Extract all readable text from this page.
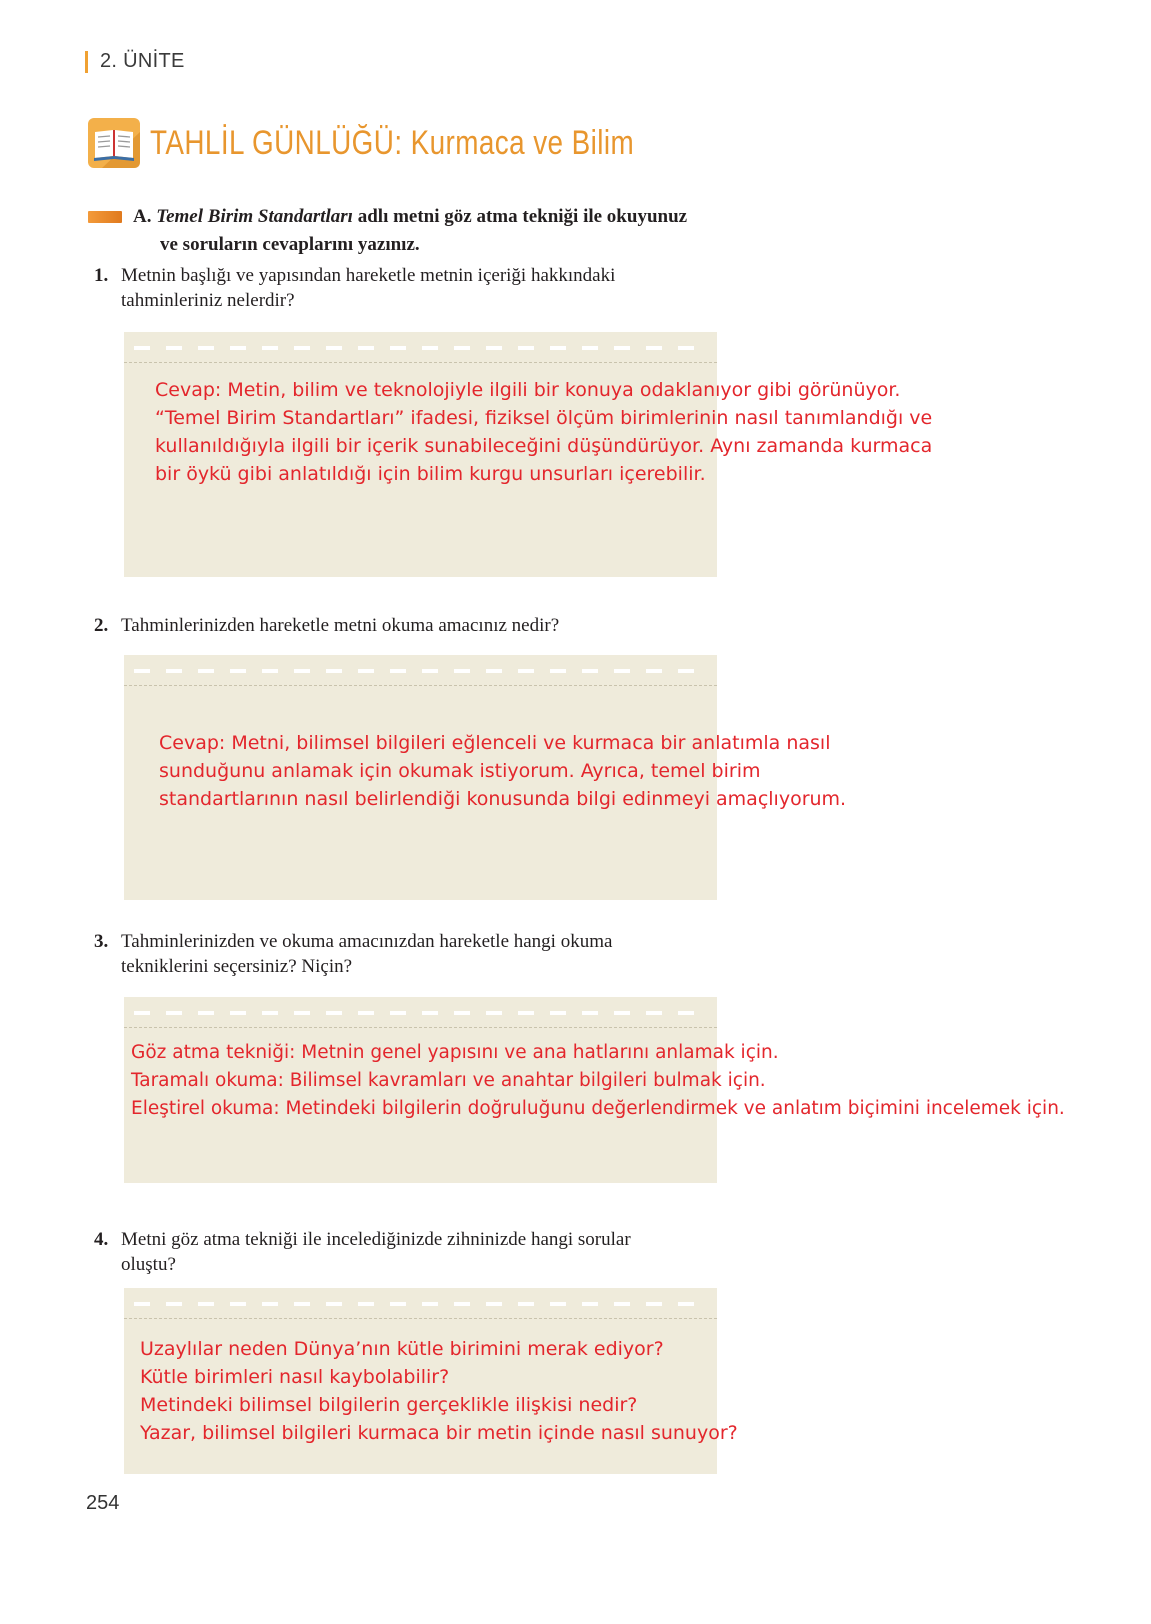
2. ÜNİTE
TAHLİL GÜNLÜĞÜ: Kurmaca ve Bilim
A. Temel Birim Standartları adlı metni göz atma tekniği ile okuyunuz
ve soruların cevaplarını yazınız.
1. Metnin başlığı ve yapısından hareketle metnin içeriği hakkındaki
tahminleriniz nelerdir?
Cevap: Metin, bilim ve teknolojiyle ilgili bir konuya odaklanıyor gibi görünüyor.
“Temel Birim Standartları” ifadesi, fiziksel ölçüm birimlerinin nasıl tanımlandığı ve
kullanıldığıyla ilgili bir içerik sunabileceğini düşündürüyor. Aynı zamanda kurmaca
bir öykü gibi anlatıldığı için bilim kurgu unsurları içerebilir.
2. Tahminlerinizden hareketle metni okuma amacınız nedir?
Cevap: Metni, bilimsel bilgileri eğlenceli ve kurmaca bir anlatımla nasıl
sunduğunu anlamak için okumak istiyorum. Ayrıca, temel birim
standartlarının nasıl belirlendiği konusunda bilgi edinmeyi amaçlıyorum.
3. Tahminlerinizden ve okuma amacınızdan hareketle hangi okuma
tekniklerini seçersiniz? Niçin?
Göz atma tekniği: Metnin genel yapısını ve ana hatlarını anlamak için.
Taramalı okuma: Bilimsel kavramları ve anahtar bilgileri bulmak için.
Eleştirel okuma: Metindeki bilgilerin doğruluğunu değerlendirmek ve anlatım biçimini incelemek için.
4. Metni göz atma tekniği ile incelediğinizde zihninizde hangi sorular
oluştu?
Uzaylılar neden Dünya’nın kütle birimini merak ediyor?
Kütle birimleri nasıl kaybolabilir?
Metindeki bilimsel bilgilerin gerçeklikle ilişkisi nedir?
Yazar, bilimsel bilgileri kurmaca bir metin içinde nasıl sunuyor?
254
